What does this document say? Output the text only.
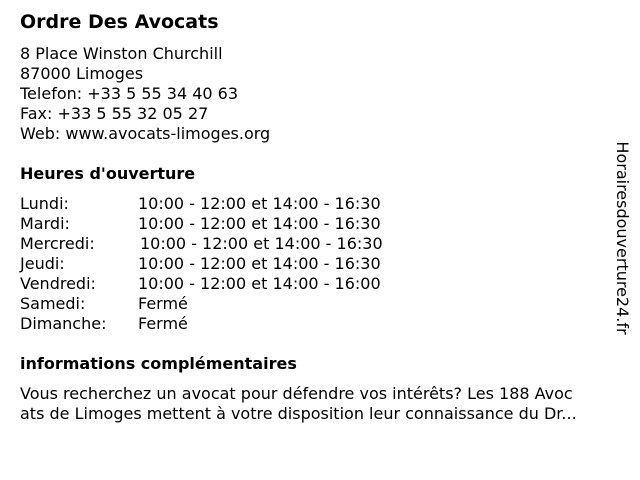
Ordre Des Avocats
8 Place Winston Churchill
87000 Limoges
Telefon: +33 5 55 34 40 63
Fax: +33 5 55 32 05 27
Web: www.avocats-limoges.org
Heures d'ouverture
Lundi:	10:00 - 12:00 et 14:00 - 16:30
Mardi:	10:00 - 12:00 et 14:00 - 16:30
Mercredi:	10:00 - 12:00 et 14:00 - 16:30
Jeudi:	10:00 - 12:00 et 14:00 - 16:30
Vendredi:	10:00 - 12:00 et 14:00 - 16:00
Samedi:	Fermé
Dimanche: Fermé
informations complémentaires
Vous recherchez un avocat pour défendre vos intérêts? Les 188 Avoc
ats de Limoges mettent à votre disposition leur connaissance du Dr...
Horairesdouverture24.fr
